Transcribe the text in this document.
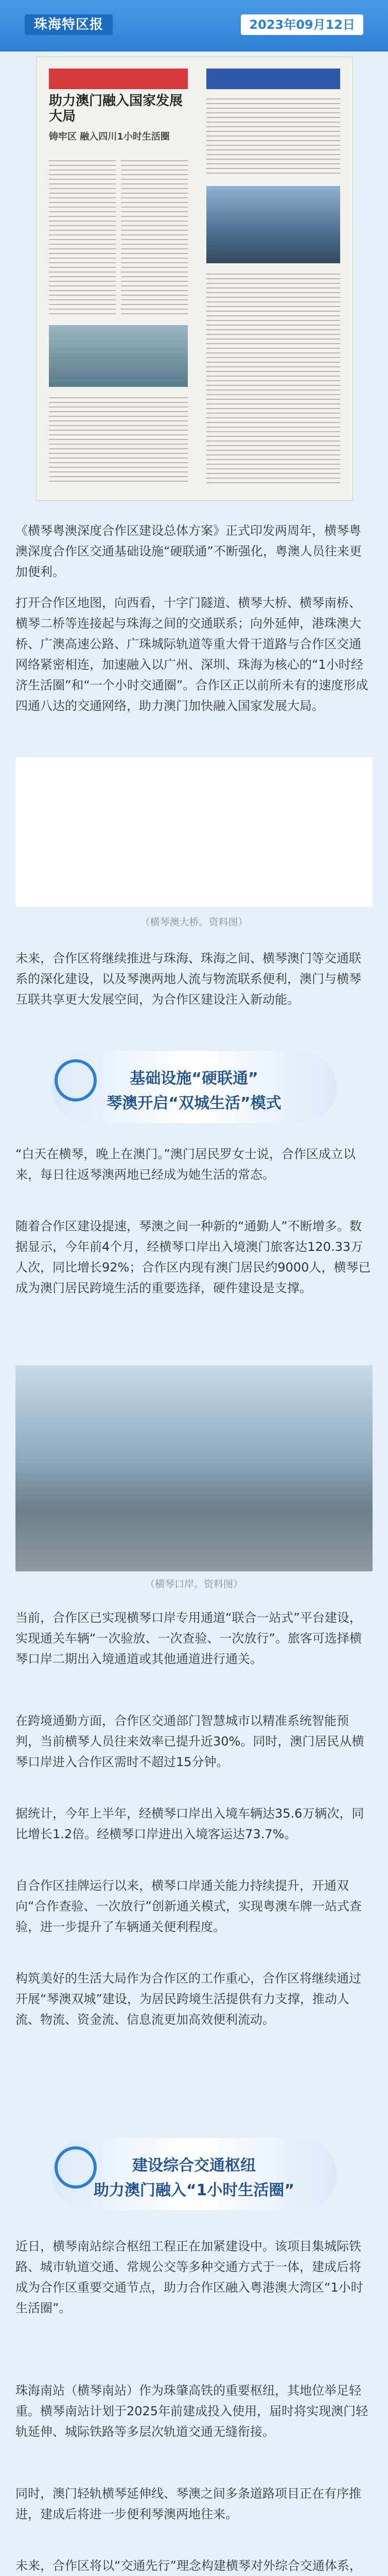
珠海特区报	2023年09月12日
助力澳门融入国家发展大局
铸牢区 融入四川1小时生活圈
《横琴粤澳深度合作区建设总体方案》正式印发两周年，横琴粤澳深度合作区交通基础设施“硬联通”不断强化，粤澳人员往来更加便利。
打开合作区地图，向西看，十字门隧道、横琴大桥、横琴南桥、横琴二桥等连接起与珠海之间的交通联系；向外延伸，港珠澳大桥、广澳高速公路、广珠城际轨道等重大骨干道路与合作区交通网络紧密相连，加速融入以广州、深圳、珠海为核心的“1小时经济生活圈”和“一个小时交通圈”。合作区正以前所未有的速度形成四通八达的交通网络，助力澳门加快融入国家发展大局。
（横琴澳大桥。资料图）
未来，合作区将继续推进与珠海、珠海之间、横琴澳门等交通联系的深化建设，以及琴澳两地人流与物流联系便利，澳门与横琴互联共享更大发展空间，为合作区建设注入新动能。
基础设施“硬联通”
琴澳开启“双城生活”模式
“白天在横琴，晚上在澳门。”澳门居民罗女士说，合作区成立以来，每日往返琴澳两地已经成为她生活的常态。
随着合作区建设提速，琴澳之间一种新的“通勤人”不断增多。数据显示，今年前4个月，经横琴口岸出入境澳门旅客达120.33万人次，同比增长92%；合作区内现有澳门居民约9000人，横琴已成为澳门居民跨境生活的重要选择，硬件建设是支撑。
（横琴口岸。资料图）
当前，合作区已实现横琴口岸专用通道“联合一站式”平台建设，实现通关车辆“一次验放、一次查验、一次放行”。旅客可选择横琴口岸二期出入境通道或其他通道进行通关。
在跨境通勤方面，合作区交通部门智慧城市以精准系统智能预判，当前横琴人员往来效率已提升近30%。同时，澳门居民从横琴口岸进入合作区需时不超过15分钟。
据统计，今年上半年，经横琴口岸出入境车辆达35.6万辆次，同比增长1.2倍。经横琴口岸进出入境客运达73.7%。
自合作区挂牌运行以来，横琴口岸通关能力持续提升，开通双向“合作查验、一次放行”创新通关模式，实现粤澳车牌一站式查验，进一步提升了车辆通关便利程度。
构筑美好的生活大局作为合作区的工作重心，合作区将继续通过开展“琴澳双城”建设，为居民跨境生活提供有力支撑，推动人流、物流、资金流、信息流更加高效便利流动。
建设综合交通枢纽
助力澳门融入“1小时生活圈”
近日，横琴南站综合枢纽工程正在加紧建设中。该项目集城际铁路、城市轨道交通、常规公交等多种交通方式于一体，建成后将成为合作区重要交通节点，助力合作区融入粤港澳大湾区“1小时生活圈”。
珠海南站（横琴南站）作为珠肇高铁的重要枢纽，其地位举足轻重。横琴南站计划于2025年前建成投入使用，届时将实现澳门轻轨延伸、城际铁路等多层次轨道交通无缝衔接。
同时，澳门轻轨横琴延伸线、琴澳之间多条道路项目正在有序推进，建成后将进一步便利琴澳两地往来。
未来，合作区将以“交通先行”理念构建横琴对外综合交通体系，
